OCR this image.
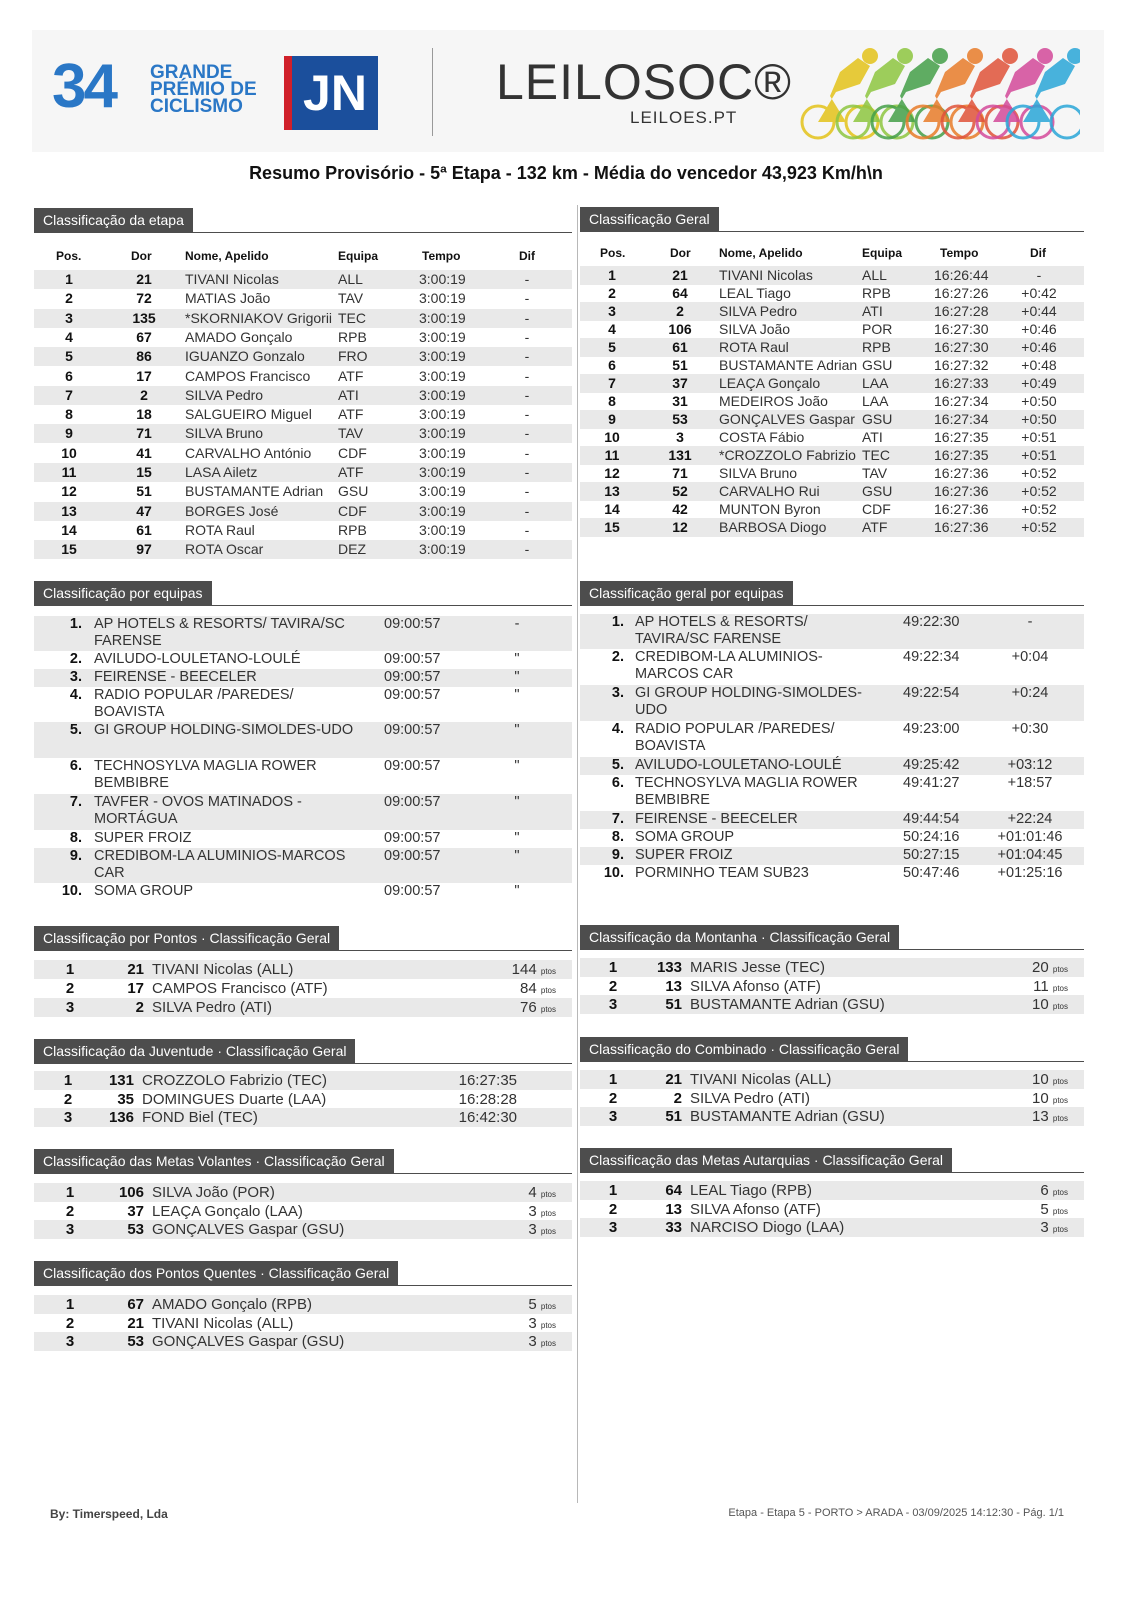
34 GRANDE
PRÉMIO DE
CICLISMO	JN	LEILOSOC®
LEILOES.PT
Resumo Provisório - 5ª Etapa - 132 km - Média do vencedor 43,923 Km/h\n
Classificação da etapa
Pos.	Dor	Nome, Apelido	Equipa	Tempo	Dif
1	21	TIVANI Nicolas	ALL	3:00:19	-
2	72	MATIAS João	TAV	3:00:19	-
3	135	*SKORNIAKOV Grigorii TEC	3:00:19	-
4	67	AMADO Gonçalo	RPB	3:00:19	-
5	86	IGUANZO Gonzalo FRO	3:00:19	-
6	17	CAMPOS Francisco ATF	3:00:19	-
7	2	SILVA Pedro	ATI	3:00:19	-
8	18	SALGUEIRO Miguel ATF	3:00:19	-
9	71	SILVA Bruno	TAV	3:00:19	-
10	41	CARVALHO António CDF	3:00:19	-
11	15	LASA Ailetz	ATF	3:00:19	-
12	51	BUSTAMANTE Adrian GSU	3:00:19	-
13	47	BORGES José	CDF	3:00:19	-
14	61	ROTA Raul	RPB	3:00:19	-
15	97	ROTA Oscar	DEZ	3:00:19	-
Classificação Geral
Pos.	Dor Nome, Apelido	Equipa	Tempo	Dif
1	21	TIVANI Nicolas	ALL	16:26:44	-
2	64	LEAL Tiago	RPB	16:27:26	+0:42
3	2	SILVA Pedro	ATI	16:27:28	+0:44
4	106	SILVA João	POR	16:27:30	+0:46
5	61	ROTA Raul	RPB	16:27:30	+0:46
6	51	BUSTAMANTE Adrian GSU	16:27:32	+0:48
7	37	LEAÇA Gonçalo	LAA	16:27:33	+0:49
8	31	MEDEIROS João LAA	16:27:34	+0:50
9	53	GONÇALVES Gaspar GSU	16:27:34	+0:50
10	3	COSTA Fábio	ATI	16:27:35	+0:51
11	131	*CROZZOLO Fabrizio TEC	16:27:35	+0:51
12	71	SILVA Bruno	TAV	16:27:36	+0:52
13	52	CARVALHO Rui	GSU	16:27:36	+0:52
14	42	MUNTON Byron	CDF	16:27:36	+0:52
15	12	BARBOSA Diogo	ATF	16:27:36	+0:52
Classificação por equipas
1. AP HOTELS & RESORTS/ TAVIRA/SC FARENSE
09:00:57	-
2. AVILUDO-LOULETANO-LOULÉ	09:00:57	"
3. FEIRENSE - BEECELER	09:00:57	"
4. RADIO POPULAR /PAREDES/ BOAVISTA
09:00:57	"
5. GI GROUP HOLDING-SIMOLDES-UDO	09:00:57	"
6. TECHNOSYLVA MAGLIA ROWER BEMBIBRE
09:00:57	"
7. TAVFER - OVOS MATINADOS - MORTÁGUA
09:00:57	"
8. SUPER FROIZ	09:00:57	"
9. CREDIBOM-LA ALUMINIOS-MARCOS CAR
09:00:57	"
10. SOMA GROUP	09:00:57	"
Classificação geral por equipas
1. AP HOTELS & RESORTS/ TAVIRA/SC FARENSE
49:22:30	-
2. CREDIBOM-LA ALUMINIOS-MARCOS CAR
49:22:34	+0:04
3. GI GROUP HOLDING-SIMOLDES-UDO
49:22:54	+0:24
4. RADIO POPULAR /PAREDES/ BOAVISTA
49:23:00	+0:30
5. AVILUDO-LOULETANO-LOULÉ	49:25:42	+03:12
6. TECHNOSYLVA MAGLIA ROWER BEMBIBRE
49:41:27	+18:57
7. FEIRENSE - BEECELER	49:44:54	+22:24
8. SOMA GROUP	50:24:16	+01:01:46
9. SUPER FROIZ	50:27:15	+01:04:45
10. PORMINHO TEAM SUB23	50:47:46	+01:25:16
Classificação por Pontos · Classificação Geral
1	21 TIVANI Nicolas (ALL)	144 ptos
2	17 CAMPOS Francisco (ATF)	84 ptos
3	2 SILVA Pedro (ATI)	76 ptos
Classificação da Montanha · Classificação Geral
1	133 MARIS Jesse (TEC)	20 ptos
2	13 SILVA Afonso (ATF)	11 ptos
3	51 BUSTAMANTE Adrian (GSU)	10 ptos
Classificação da Juventude · Classificação Geral
1	131 CROZZOLO Fabrizio (TEC)	16:27:35
2	35 DOMINGUES Duarte (LAA)	16:28:28
3	136 FOND Biel (TEC)	16:42:30
Classificação do Combinado · Classificação Geral
1	21 TIVANI Nicolas (ALL)	10 ptos
2	2 SILVA Pedro (ATI)	10 ptos
3	51 BUSTAMANTE Adrian (GSU)	13 ptos
Classificação das Metas Volantes · Classificação Geral
1	106 SILVA João (POR)	4 ptos
2	37 LEAÇA Gonçalo (LAA)	3 ptos
3	53 GONÇALVES Gaspar (GSU)	3 ptos
Classificação das Metas Autarquias · Classificação Geral
1	64 LEAL Tiago (RPB)	6 ptos
2	13 SILVA Afonso (ATF)	5 ptos
3	33 NARCISO Diogo (LAA)	3 ptos
Classificação dos Pontos Quentes · Classificação Geral
1	67 AMADO Gonçalo (RPB)	5 ptos
2	21 TIVANI Nicolas (ALL)	3 ptos
3	53 GONÇALVES Gaspar (GSU)	3 ptos
By: Timerspeed, Lda	Etapa - Etapa 5 - PORTO > ARADA - 03/09/2025 14:12:30 - Pág. 1/1
